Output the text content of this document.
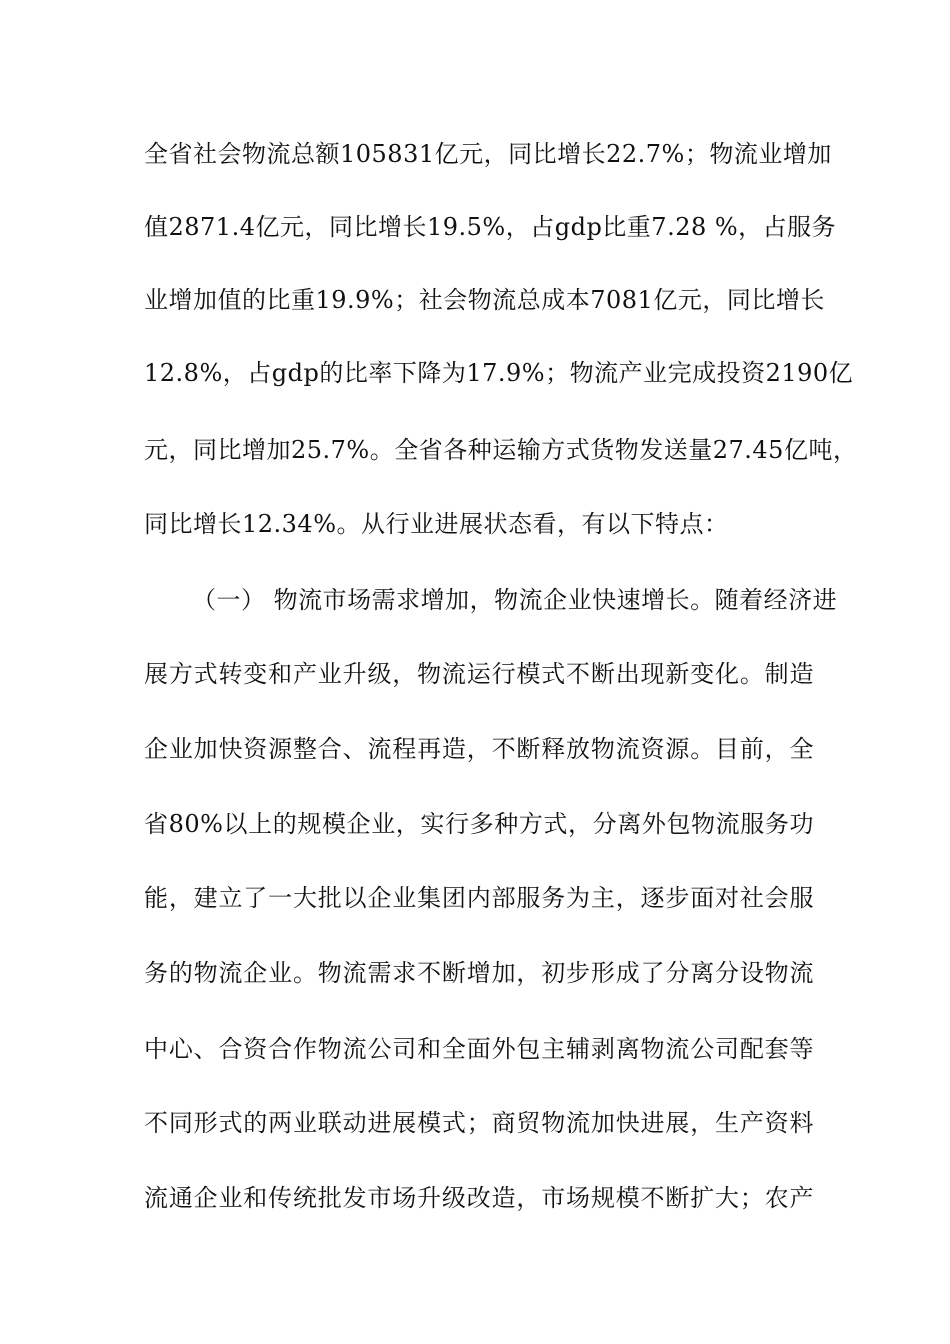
全省社会物流总额105831亿元，同比增长22.7%；物流业增加
值2871.4亿元，同比增长19.5%，占gdp比重7.28 %，占服务
业增加值的比重19.9%；社会物流总成本7081亿元，同比增长
12.8%，占gdp的比率下降为17.9%；物流产业完成投资2190亿
元，同比增加25.7%。全省各种运输方式货物发送量27.45亿吨，
同比增长12.34%。从行业进展状态看，有以下特点：
（一） 物流市场需求增加，物流企业快速增长。随着经济进
展方式转变和产业升级，物流运行模式不断出现新变化。制造
企业加快资源整合、流程再造，不断释放物流资源。目前，全
省80%以上的规模企业，实行多种方式，分离外包物流服务功
能，建立了一大批以企业集团内部服务为主，逐步面对社会服
务的物流企业。物流需求不断增加，初步形成了分离分设物流
中心、合资合作物流公司和全面外包主辅剥离物流公司配套等
不同形式的两业联动进展模式；商贸物流加快进展，生产资料
流通企业和传统批发市场升级改造，市场规模不断扩大；农产
